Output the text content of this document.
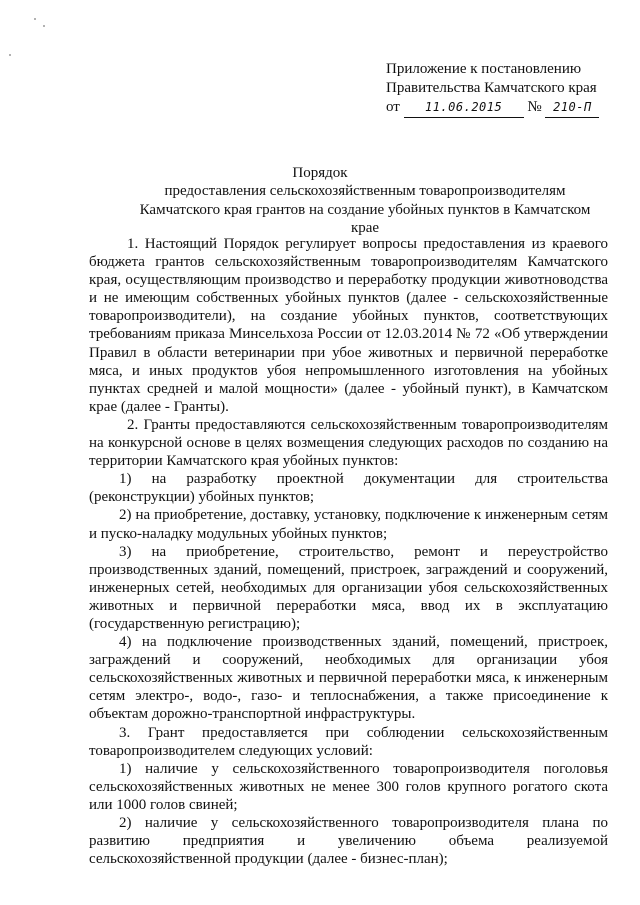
Приложение к постановлению
Правительства Камчатского края
от 11.06.2015 № 210-П
Порядок
предоставления сельскохозяйственным товаропроизводителям Камчатского края грантов на создание убойных пунктов в Камчатском крае

1. Настоящий Порядок регулирует вопросы предоставления из краевого бюджета грантов сельскохозяйственным товаропроизводителям Камчатского края, осуществляющим производство и переработку продукции животноводства и не имеющим собственных убойных пунктов (далее - сельскохозяйственные товаропроизводители), на создание убойных пунктов, соответствующих требованиям приказа Минсельхоза России от 12.03.2014 № 72 «Об утверждении Правил в области ветеринарии при убое животных и первичной переработке мяса, и иных продуктов убоя непромышленного изготовления на убойных пунктах средней и малой мощности» (далее - убойный пункт), в Камчатском крае (далее - Гранты).

2. Гранты предоставляются сельскохозяйственным товаропроизводителям на конкурсной основе в целях возмещения следующих расходов по созданию на территории Камчатского края убойных пунктов:

1) на разработку проектной документации для строительства (реконструкции) убойных пунктов;

2) на приобретение, доставку, установку, подключение к инженерным сетям и пуско-наладку модульных убойных пунктов;

3) на приобретение, строительство, ремонт и переустройство производственных зданий, помещений, пристроек, заграждений и сооружений, инженерных сетей, необходимых для организации убоя сельскохозяйственных животных и первичной переработки мяса, ввод их в эксплуатацию (государственную регистрацию);

4) на подключение производственных зданий, помещений, пристроек, заграждений и сооружений, необходимых для организации убоя сельскохозяйственных животных и первичной переработки мяса, к инженерным сетям электро-, водо-, газо- и теплоснабжения, а также присоединение к объектам дорожно-транспортной инфраструктуры.

3. Грант предоставляется при соблюдении сельскохозяйственным товаропроизводителем следующих условий:

1) наличие у сельскохозяйственного товаропроизводителя поголовья сельскохозяйственных животных не менее 300 голов крупного рогатого скота или 1000 голов свиней;

2) наличие у сельскохозяйственного товаропроизводителя плана по развитию предприятия и увеличению объема реализуемой сельскохозяйственной продукции (далее - бизнес-план);
